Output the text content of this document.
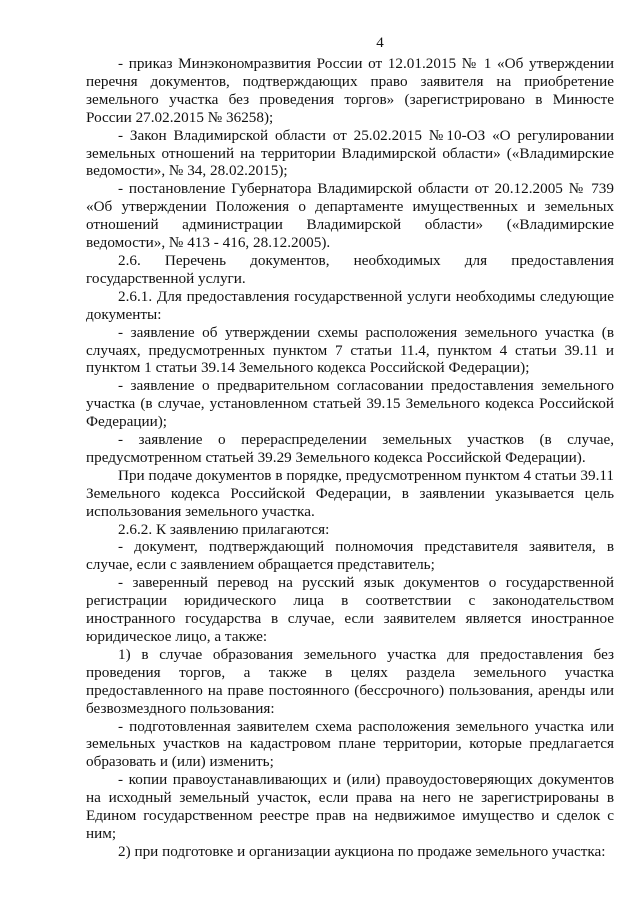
4

- приказ Минэкономразвития России от 12.01.2015 № 1 «Об утверждении перечня документов, подтверждающих право заявителя на приобретение земельного участка без проведения торгов» (зарегистрировано в Минюсте России 27.02.2015 № 36258);

- Закон Владимирской области от 25.02.2015 №10-ОЗ «О регулировании земельных отношений на территории Владимирской области» («Владимирские ведомости», № 34, 28.02.2015);

- постановление Губернатора Владимирской области от 20.12.2005 № 739 «Об утверждении Положения о департаменте имущественных и земельных отношений администрации Владимирской области» («Владимирские ведомости», № 413 - 416, 28.12.2005).

2.6. Перечень документов, необходимых для предоставления государственной услуги.

2.6.1. Для предоставления государственной услуги необходимы следующие документы:

- заявление об утверждении схемы расположения земельного участка (в случаях, предусмотренных пунктом 7 статьи 11.4, пунктом 4 статьи 39.11 и пунктом 1 статьи 39.14 Земельного кодекса Российской Федерации);

- заявление о предварительном согласовании предоставления земельного участка (в случае, установленном статьей 39.15 Земельного кодекса Российской Федерации);

- заявление о перераспределении земельных участков (в случае, предусмотренном статьей 39.29 Земельного кодекса Российской Федерации).

При подаче документов в порядке, предусмотренном пунктом 4 статьи 39.11 Земельного кодекса Российской Федерации, в заявлении указывается цель использования земельного участка.

2.6.2. К заявлению прилагаются:

- документ, подтверждающий полномочия представителя заявителя, в случае, если с заявлением обращается представитель;

- заверенный перевод на русский язык документов о государственной регистрации юридического лица в соответствии с законодательством иностранного государства в случае, если заявителем является иностранное юридическое лицо, а также:

1) в случае образования земельного участка для предоставления без проведения торгов, а также в целях раздела земельного участка предоставленного на праве постоянного (бессрочного) пользования, аренды или безвозмездного пользования:

- подготовленная заявителем схема расположения земельного участка или земельных участков на кадастровом плане территории, которые предлагается образовать и (или) изменить;

- копии правоустанавливающих и (или) правоудостоверяющих документов на исходный земельный участок, если права на него не зарегистрированы в Едином государственном реестре прав на недвижимое имущество и сделок с ним;

2) при подготовке и организации аукциона по продаже земельного участка:
